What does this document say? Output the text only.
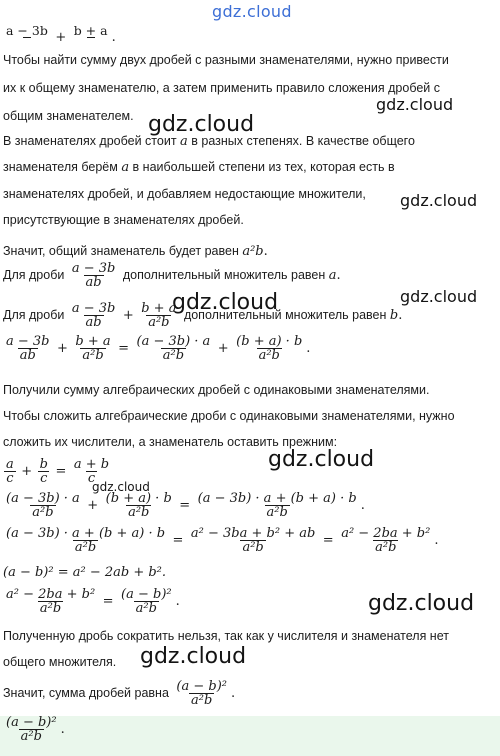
gdz.cloud
a − 3b + b + a .
Чтобы найти сумму двух дробей с разными знаменателями, нужно привести
их к общему знаменателю, а затем применить правило сложения дробей с
общим знаменателем.
gdz.cloud
В знаменателях дробей стоит a в разных степенях. В качестве общего
gdz.cloud
знаменателя берём a в наибольшей степени из тех, которая есть в
знаменателях дробей, и добавляем недостающие множители, gdz.cloud
присутствующие в знаменателях дробей.
Значит, общий знаменатель будет равен a²b.
Для дроби $\frac{a - 3b}{ab}$ дополнительный множитель равен a.
gdz.cloud
Для дроби $\frac{a - 3b}{ab} + \frac{b + a}{\text{a²b}}$ дополнительный множитель равен b.
gdz.cloud
$\frac{a - 3b}{ab} + \frac{b + a}{\text{a²b}} = \frac{(a - 3b) \cdot a}{\text{a²b}} + \frac{(b + a) \cdot b}{\text{a²b}}$ .
Получили сумму алгебраических дробей с одинаковыми знаменателями.
Чтобы сложить алгебраические дроби с одинаковыми знаменателями, нужно
сложить их числители, а знаменатель оставить прежним:
$\frac{a}{c} + \frac{b}{c} = \frac{a + b}{c}$	gdz.cloud
gdz.cloud
$\frac{(a - 3b) \cdot a}{\text{a²b}} + \frac{(b + a) \cdot b}{\text{a²b}} = \frac{(a - 3b) \cdot a + (b + a) \cdot b}{\text{a²b}}$ .
$\frac{(a - 3b) \cdot a + (b + a) \cdot b}{\text{a²b}} = \frac{\text{a² − 3ba + b² + ab}}{\text{a²b}} = \frac{\text{a² − 2ba + b²}}{\text{a²b}}$ .
(a − b)² = a² − 2ab + b².
$\frac{\text{a² − 2ba + b²}}{\text{a²b}} = \frac{\text{(a − b)²}}{\text{a²b}}$ .	gdz.cloud
Полученную дробь сократить нельзя, так как у числителя и знаменателя нет
общего множителя. gdz.cloud
Значит, сумма дробей равна $\frac{\text{(a − b)²}}{\text{a²b}}$ .
$\frac{\text{(a − b)²}}{\text{a²b}}$ .
